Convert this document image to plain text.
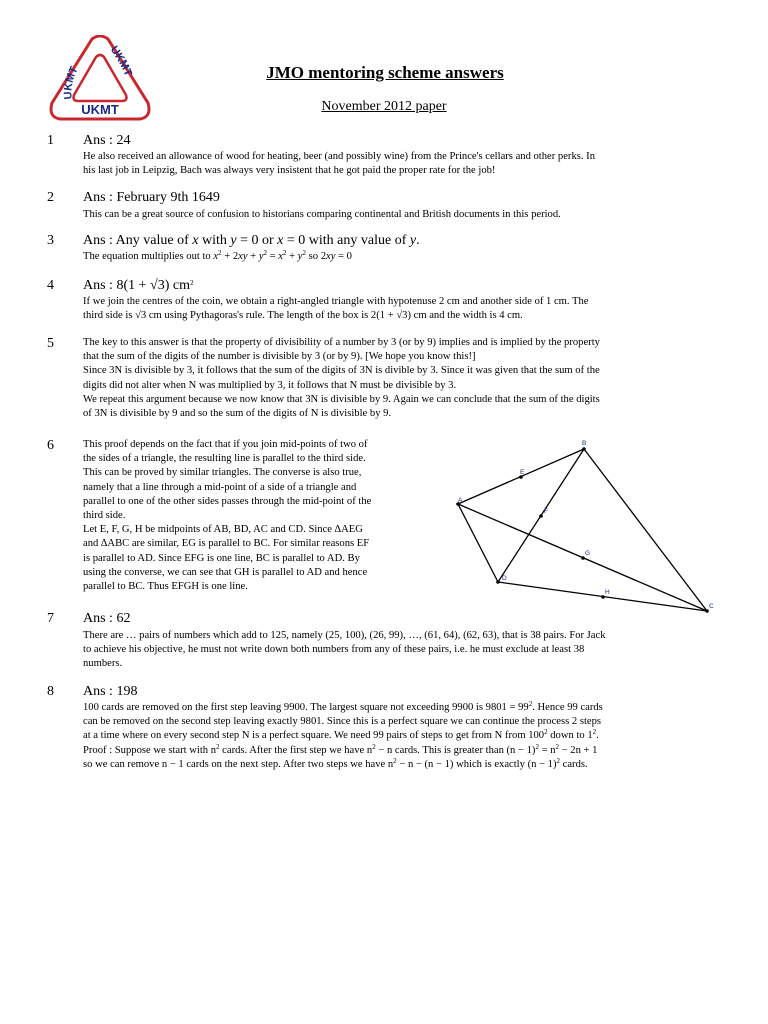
UKMT
UKMT
UKMT
JMO mentoring scheme answers
November 2012 paper
1 Ans : 24

He also received an allowance of wood for heating, beer (and possibly wine) from the Prince's cellars and other perks. In

his last job in Leipzig, Bach was always very insistent that he got paid the proper rate for the job!

2 Ans : February 9th 1649

This can be a great source of confusion to historians comparing continental and British documents in this period.

3 Ans : Any value of x with y = 0 or x = 0 with any value of y.

The equation multiplies out to $x^2 + 2xy + y^2 = x^2 + y^2$ so 2xy = 0

4 Ans : 8(1 + √3) $cm^2$

If we join the centres of the coin, we obtain a right-angled triangle with hypotenuse 2 cm and another side of 1 cm. The

third side is √3 cm using Pythagoras's rule. The length of the box is 2(1 + √3) cm and the width is 4 cm.

5	The key to this answer is that the property of divisibility of a number by 3 (or by 9) implies and is implied by the property

that the sum of the digits of the number is divisible by 3 (or by 9). [We hope you know this!]

Since 3N is divisible by 3, it follows that the sum of the digits of 3N is divible by 3. Since it was given that the sum of the

digits did not alter when N was multiplied by 3, it follows that N must be divisible by 3.

We repeat this argument because we now know that 3N is divisible by 9. Again we can conclude that the sum of the digits

of 3N is divisible by 9 and so the sum of the digits of N is divisible by 9.

6	This proof depends on the fact that if you join mid-points of two of

the sides of a triangle, the resulting line is parallel to the third side.

This can be proved by similar triangles. The converse is also true,

namely that a line through a mid-point of a side of a triangle and

parallel to one of the other sides passes through the mid-point of the

third side.

Let E, F, G, H be midpoints of AB, BD, AC and CD. Since ∆AEG

and ∆ABC are similar, EG is parallel to BC. For similar reasons EF

is parallel to AD. Since EFG is one line, BC is parallel to AD. By

using the converse, we can see that GH is parallel to AD and hence

parallel to BC. Thus EFGH is one line.

A
B
C
D
E
F
G
H
7 Ans : 62

There are … pairs of numbers which add to 125, namely (25, 100), (26, 99), …, (61, 64), (62, 63), that is 38 pairs. For Jack

to achieve his objective, he must not write down both numbers from any of these pairs, i.e. he must exclude at least 38

numbers.

8 Ans : 198

100 cards are removed on the first step leaving 9900. The largest square not exceeding 9900 is $9801 = 99^2$. Hence 99 cards

can be removed on the second step leaving exactly 9801. Since this is a perfect square we can continue the process 2 steps

at a time where on every second step N is a perfect square. We need 99 pairs of steps to get from N from $100^2$ down to $1^2$.

Proof : Suppose we start with $n^2$ cards. After the first step we have $n^2 - n$ cards. This is greater than $(n - 1)^2 = n^2 - 2n + 1$

so we can remove n − 1 cards on the next step. After two steps we have $n^2 - n - (n - 1)$ which is exactly $(n - 1)^2$ cards.
